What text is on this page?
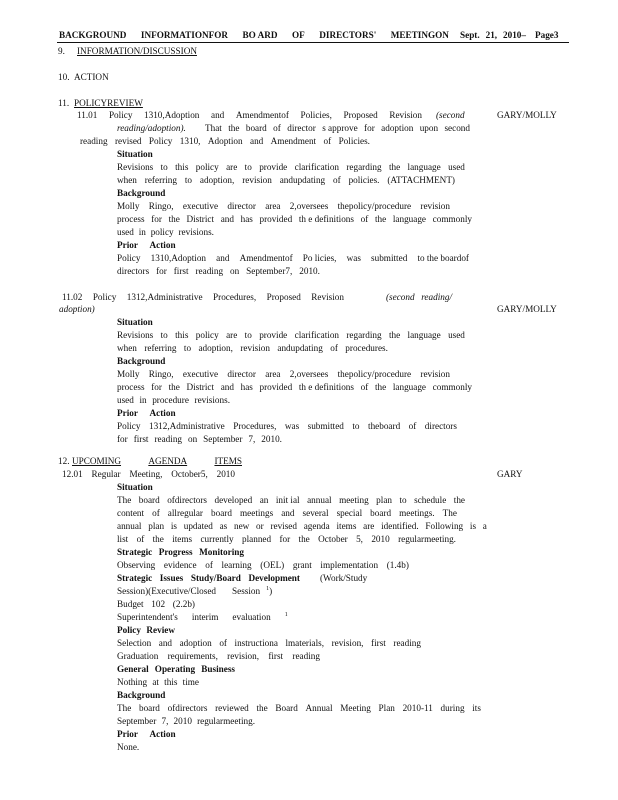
BACKGROUND INFORMATIONFOR BO ARD OF DIRECTORS' MEETINGON Sept. 21, 2010– Page3
9. INFORMATION/DISCUSSION
10. ACTION
11. POLICYREVIEW
11.01 Policy 1310,Adoption and Amendmentof Policies, Proposed Revision (second	GARY/MOLLY
reading/adoption). That the board of director s approve for adoption upon second
reading revised Policy 1310, Adoption and Amendment of Policies.
Situation
Revisions to this policy are to provide clarification regarding the language used
when referring to adoption, revision andupdating of policies. (ATTACHMENT)
Background
Molly Ringo, executive director area 2,oversees thepolicy/procedure revision
process for the District and has provided th e definitions of the language commonly
used in policy revisions.
Prior Action
Policy 1310,Adoption and Amendmentof Po licies, was submitted to the boardof
directors for first reading on September7, 2010.
11.02 Policy 1312,Administrative Procedures, Proposed Revision	(second reading/
adoption)	GARY/MOLLY
Situation
Revisions to this policy are to provide clarification regarding the language used
when referring to adoption, revision andupdating of procedures.
Background
Molly Ringo, executive director area 2,oversees thepolicy/procedure revision
process for the District and has provided th e definitions of the language commonly
used in procedure revisions.
Prior Action
Policy 1312,Administrative Procedures, was submitted to theboard of directors
for first reading on September 7, 2010.
12. UPCOMING	AGENDA	ITEMS
12.01 Regular Meeting, October5, 2010	GARY
Situation
The board ofdirectors developed an init ial annual meeting plan to schedule the
content of allregular board meetings and several special board meetings. The
annual plan is updated as new or revised agenda items are identified. Following is a
list of the items currently planned for the October 5, 2010 regularmeeting.
Strategic Progress Monitoring
Observing evidence of learning (OEL) grant implementation (1.4b)
Strategic Issues Study/Board Development (Work/Study
Session)(Executive/Closed Session $^1$)
Budget 102 (2.2b)
Superintendent's interim evaluation $^1$
Policy Review
Selection and adoption of instructiona lmaterials, revision, first reading
Graduation requirements, revision, first reading
General Operating Business
Nothing at this time
Background
The board ofdirectors reviewed the Board Annual Meeting Plan 2010-11 during its
September 7, 2010 regularmeeting.
Prior Action
None.
